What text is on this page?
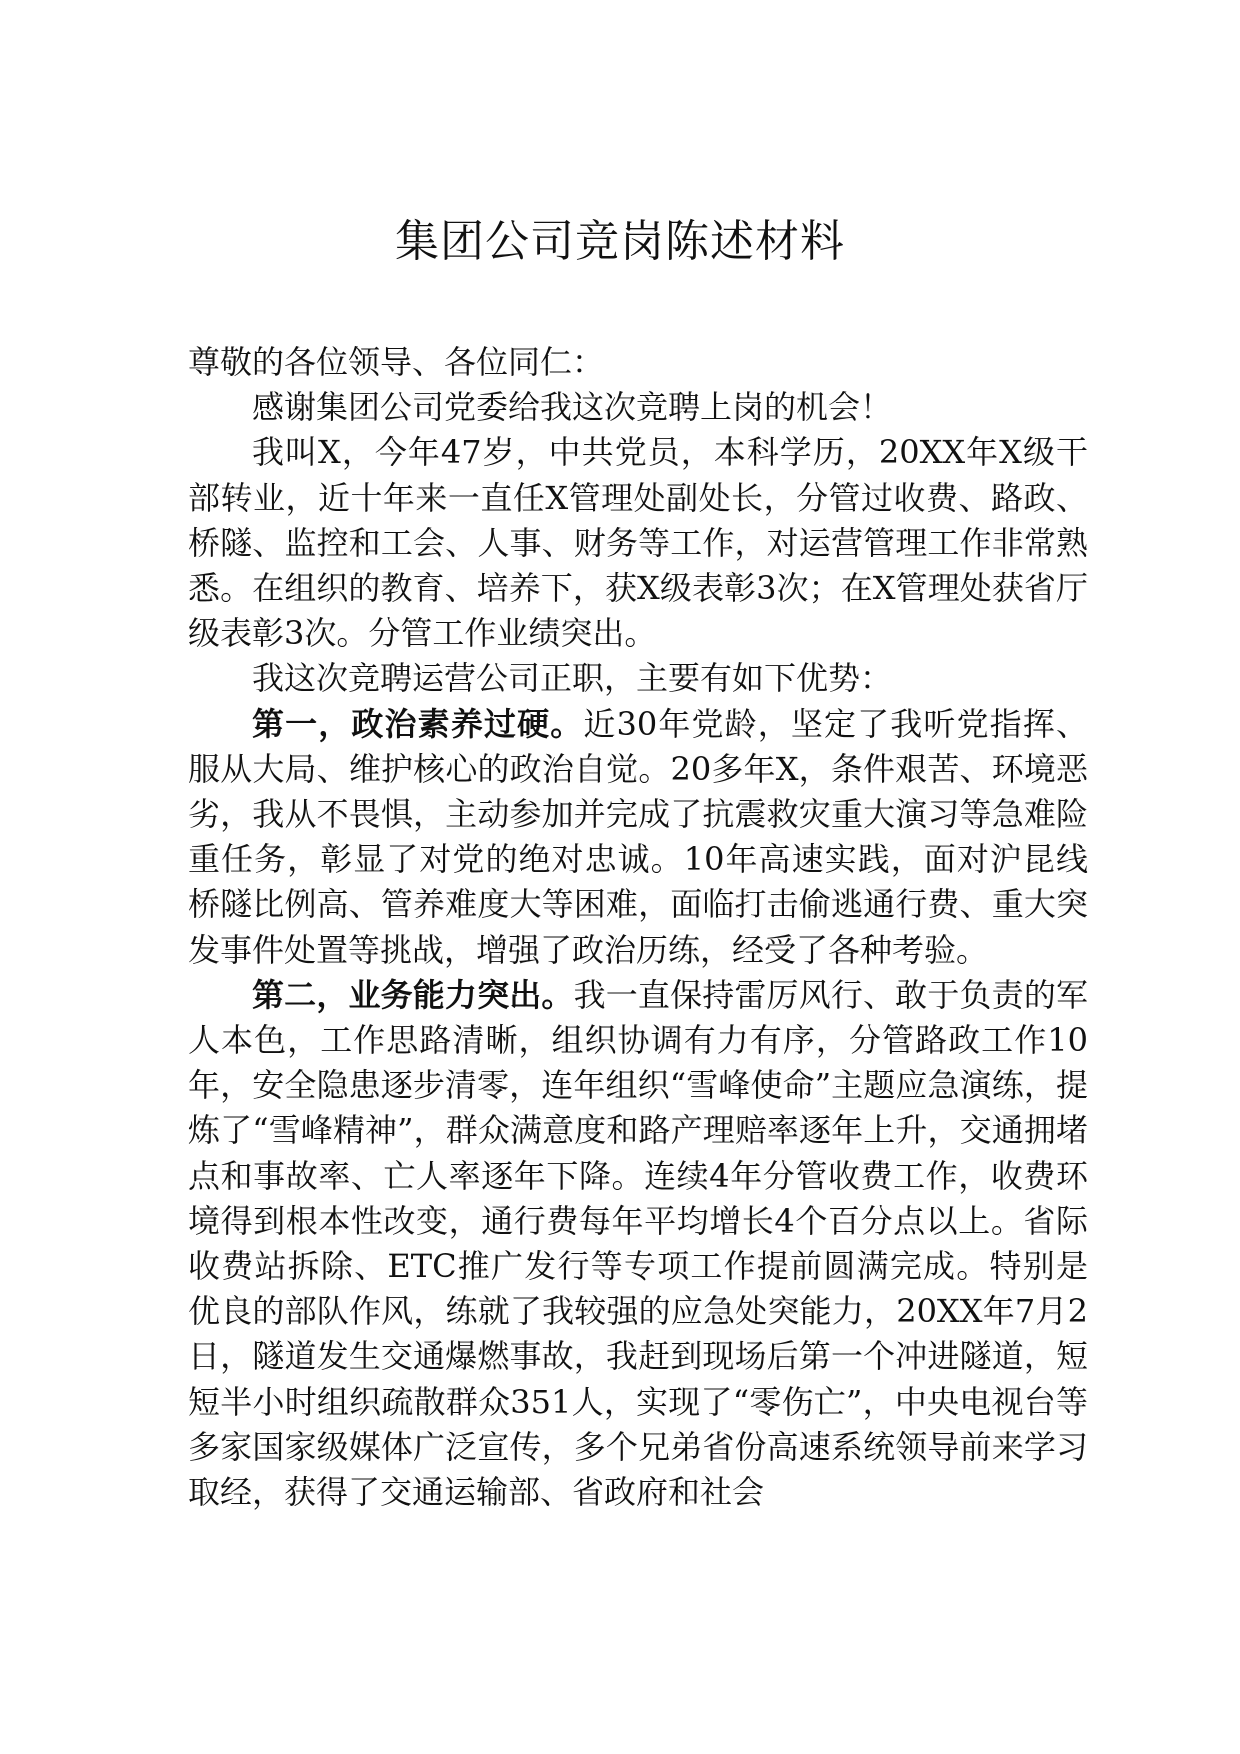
集团公司竞岗陈述材料

尊敬的各位领导、各位同仁：

感谢集团公司党委给我这次竞聘上岗的机会！

我叫X，今年47岁，中共党员，本科学历，20XX年X级干部转业，近十年来一直任X管理处副处长，分管过收费、路政、桥隧、监控和工会、人事、财务等工作，对运营管理工作非常熟悉。在组织的教育、培养下，获X级表彰3次；在X管理处获省厅级表彰3次。分管工作业绩突出。

我这次竞聘运营公司正职，主要有如下优势：

第一，政治素养过硬。近30年党龄，坚定了我听党指挥、服从大局、维护核心的政治自觉。20多年X，条件艰苦、环境恶劣，我从不畏惧，主动参加并完成了抗震救灾重大演习等急难险重任务，彰显了对党的绝对忠诚。10年高速实践，面对沪昆线桥隧比例高、管养难度大等困难，面临打击偷逃通行费、重大突发事件处置等挑战，增强了政治历练，经受了各种考验。

第二，业务能力突出。我一直保持雷厉风行、敢于负责的军人本色，工作思路清晰，组织协调有力有序，分管路政工作10年，安全隐患逐步清零，连年组织“雪峰使命”主题应急演练，提炼了“雪峰精神”，群众满意度和路产理赔率逐年上升，交通拥堵点和事故率、亡人率逐年下降。连续4年分管收费工作，收费环境得到根本性改变，通行费每年平均增长4个百分点以上。省际收费站拆除、ETC推广发行等专项工作提前圆满完成。特别是优良的部队作风，练就了我较强的应急处突能力，20XX年7月2日，隧道发生交通爆燃事故，我赶到现场后第一个冲进隧道，短短半小时组织疏散群众351人，实现了“零伤亡”，中央电视台等多家国家级媒体广泛宣传，多个兄弟省份高速系统领导前来学习取经，获得了交通运输部、省政府和社会
